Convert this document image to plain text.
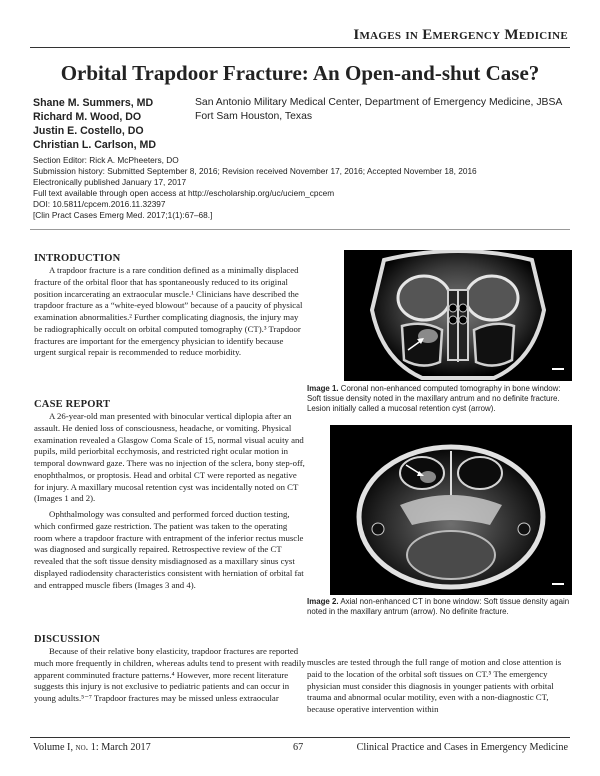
Images in Emergency Medicine
Orbital Trapdoor Fracture: An Open-and-shut Case?
Shane M. Summers, MD
Richard M. Wood, DO
Justin E. Costello, DO
Christian L. Carlson, MD
San Antonio Military Medical Center, Department of Emergency Medicine, JBSA Fort Sam Houston, Texas
Section Editor: Rick A. McPheeters, DO
Submission history: Submitted September 8, 2016; Revision received November 17, 2016; Accepted November 18, 2016
Electronically published January 17, 2017
Full text available through open access at http://escholarship.org/uc/uciem_cpcem
DOI: 10.5811/cpcem.2016.11.32397
[Clin Pract Cases Emerg Med. 2017;1(1):67–68.]
INTRODUCTION

A trapdoor fracture is a rare condition defined as a minimally displaced fracture of the orbital floor that has spontaneously reduced to its original position incarcerating an extraocular muscle.¹ Clinicians have described the trapdoor fracture as a “white-eyed blowout” because of a paucity of physical examination abnormalities.² Further complicating diagnosis, the injury may be radiographically occult on orbital computed tomography (CT).³ Trapdoor fractures are important for the emergency physician to identify because urgent surgical repair is recommended to reduce morbidity.

CASE REPORT

A 26-year-old man presented with binocular vertical diplopia after an assault. He denied loss of consciousness, headache, or vomiting. Physical examination revealed a Glasgow Coma Scale of 15, normal visual acuity and pupils, mild periorbital ecchymosis, and restricted right ocular motion in temporal downward gaze. There was no injection of the sclera, bony step-off, enophthalmos, or proptosis. Head and orbital CT were reported as negative for injury. A maxillary mucosal retention cyst was incidentally noted on CT (Images 1 and 2).

Ophthalmology was consulted and performed forced duction testing, which confirmed gaze restriction. The patient was taken to the operating room where a trapdoor fracture with entrapment of the inferior rectus muscle was diagnosed and surgically repaired. Retrospective review of the CT revealed that the soft tissue density misdiagnosed as a maxillary sinus cyst displayed radiodensity characteristics consistent with herniation of orbital fat and entrapped muscle fibers (Images 3 and 4).

DISCUSSION

Because of their relative bony elasticity, trapdoor fractures are reported much more frequently in children, whereas adults tend to present with readily apparent comminuted fracture patterns.⁴ However, more recent literature suggests this injury is not exclusive to pediatric patients and can occur in young adults.⁵⁻⁷ Trapdoor fractures may be missed unless extraocular

muscles are tested through the full range of motion and close attention is paid to the location of the orbital soft tissues on CT.⁵ The emergency physician must consider this diagnosis in younger patients with orbital trauma and abnormal ocular motility, even with a non-diagnostic CT, because operative intervention within

Image 1. Coronal non-enhanced computed tomography in bone window: Soft tissue density noted in the maxillary antrum and no definite fracture. Lesion initially called a mucosal retention cyst (arrow).
Image 2. Axial non-enhanced CT in bone window: Soft tissue density again noted in the maxillary antrum (arrow). No definite fracture.
Volume I, no. 1: March 2017	67	Clinical Practice and Cases in Emergency Medicine
